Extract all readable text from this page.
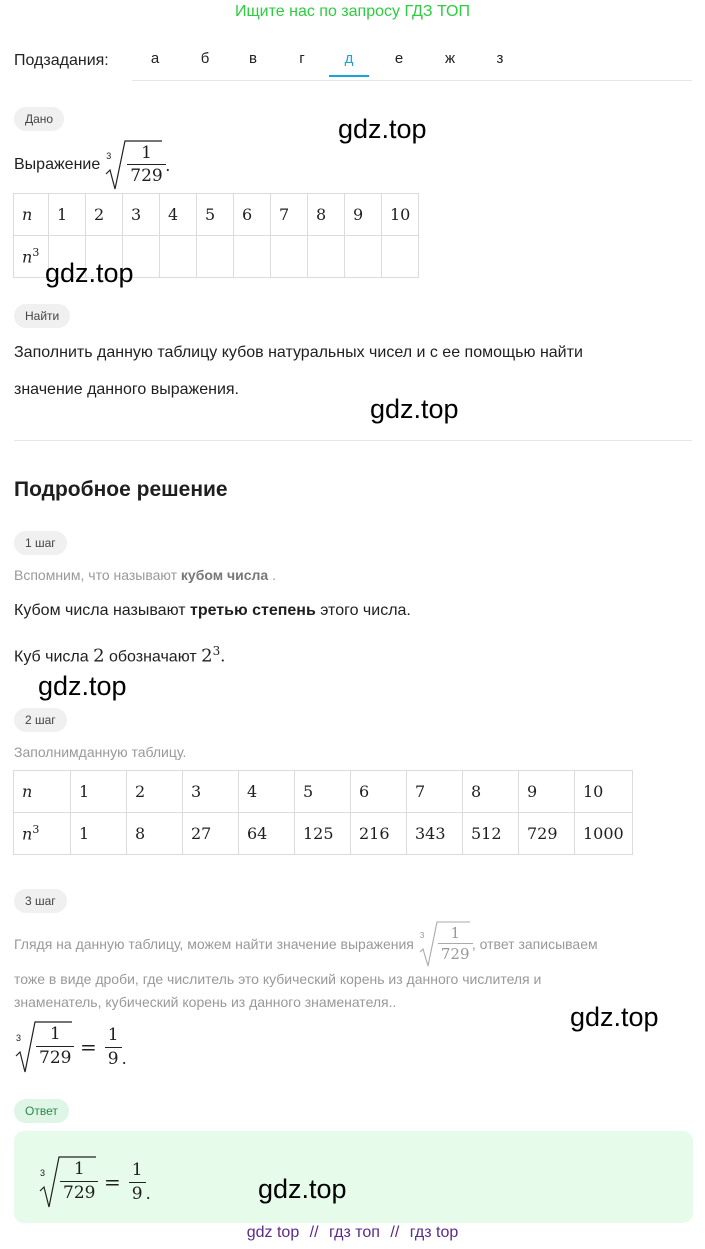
Ищите нас по запросу ГДЗ ТОП
Подзадания:	а	б	в	г	д	е	ж	з
Дано	gdz.top
Выражение $3 \frac{1}{729}$ .
n	1	2	3	4	5	6	7	8	9	10
$n^3$										
gdz.top
Найти
Заполнить данную таблицу кубов натуральных чисел и с ее помощью найти
значение данного выражения.
gdz.top
Подробное решение
1 шаг
Вспомним, что называют кубом числа .
Кубом числа называют третью степень этого числа.
Куб числа 2 обозначают $2^3$.
gdz.top
2 шаг
Заполнимданную таблицу.
n	1	2	3	4	5	6	7	8	9	10
$n^3$	1	8	27	64	125	216	343	512	729	1000
3 шаг
Глядя на данную таблицу, можем найти значение выражения
$3 \frac{1}{729}$ , ответ записываем
тоже в виде дроби, где числитель это кубический корень из данного числителя и
знаменатель, кубический корень из данного знаменателя..	gdz.top
$3 \frac{1}{729} = \frac{1}{9}$ .
Ответ
$3 \frac{1}{729} = \frac{1}{9}$ .	gdz.top
gdz top // гдз топ // гдз top
